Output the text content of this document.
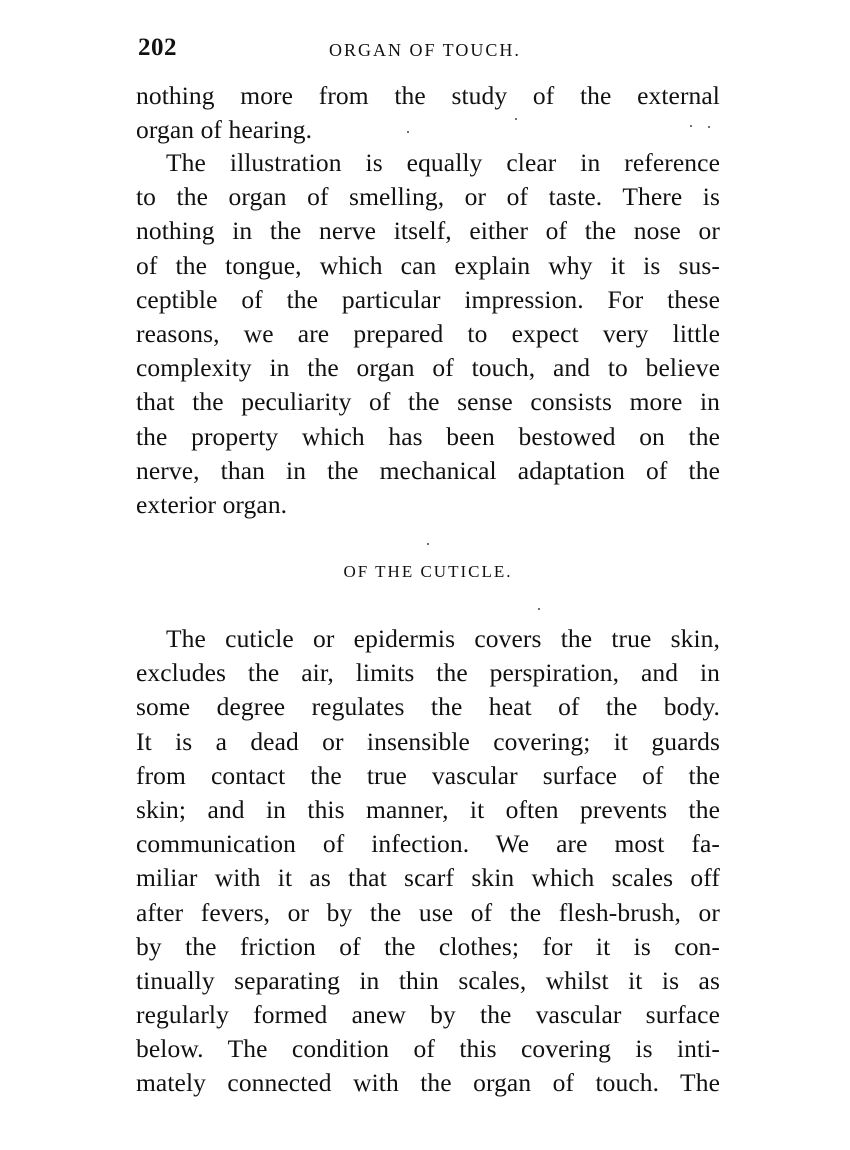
202	ORGAN OF TOUCH.
nothing more from the study of the external
organ of hearing.
The illustration is equally clear in reference
to the organ of smelling, or of taste. There is
nothing in the nerve itself, either of the nose or
of the tongue, which can explain why it is sus-
ceptible of the particular impression. For these
reasons, we are prepared to expect very little
complexity in the organ of touch, and to believe
that the peculiarity of the sense consists more in
the property which has been bestowed on the
nerve, than in the mechanical adaptation of the
exterior organ.
OF THE CUTICLE.
The cuticle or epidermis covers the true skin,
excludes the air, limits the perspiration, and in
some degree regulates the heat of the body.
It is a dead or insensible covering; it guards
from contact the true vascular surface of the
skin; and in this manner, it often prevents the
communication of infection. We are most fa-
miliar with it as that scarf skin which scales off
after fevers, or by the use of the flesh-brush, or
by the friction of the clothes; for it is con-
tinually separating in thin scales, whilst it is as
regularly formed anew by the vascular surface
below. The condition of this covering is inti-
mately connected with the organ of touch. The
